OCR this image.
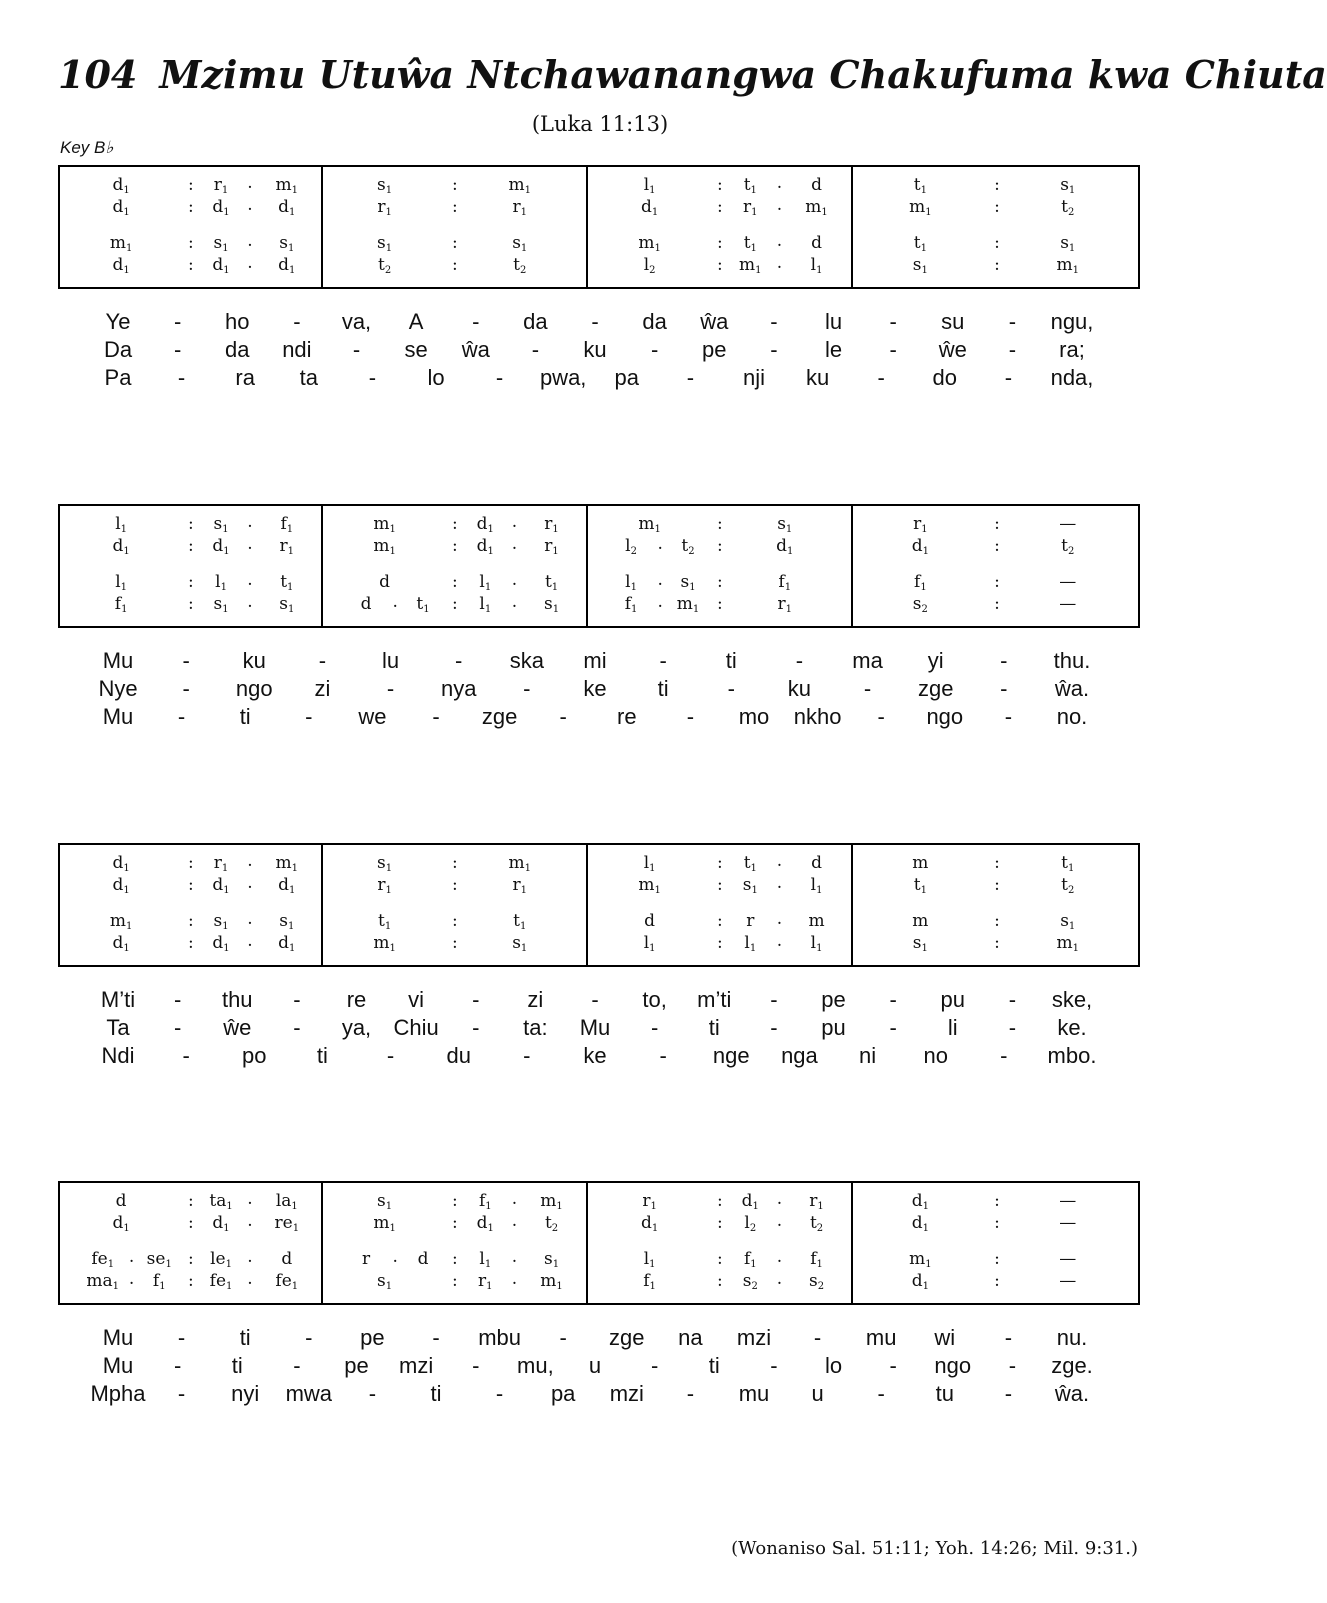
104 Mzimu Utuŵa Ntchawanangwa Chakufuma kwa Chiuta
(Luka 11:13)
Key B♭
$d_1$	: $r_1$ . $m_1$	$s_1$	:	$m_1$	$l_1$	: $t_1$ . d	$t_1$	:	$s_1$
$d_1$	: $d_1$ . $d_1$	$r_1$	:	$r_1$	$d_1$	: $r_1$ . $m_1$	$m_1$	:	$t_2$
$m_1$	: $s_1$ . $s_1$	$s_1$	:	$s_1$	$m_1$	: $t_1$ . d	$t_1$	:	$s_1$
$d_1$	: $d_1$ . $d_1$	$t_2$	:	$t_2$	$l_2$	: $m_1$ . $l_1$	$s_1$	:	$m_1$
Ye - ho - va, A - da - da ŵa - lu - su - ngu,
Da - da ndi - se ŵa - ku - pe - le - ŵe - ra;
Pa - ra ta - lo - pwa, pa - nji ku - do - nda,
$l_1$	: $s_1$ . $f_1$	$m_1$	: $d_1$ . $r_1$	$m_1$	:	$s_1$	$r_1$	:	—
$d_1$	: $d_1$ . $r_1$	$m_1$	: $d_1$ . $r_1$	$l_2$ . $t_2$ :	$d_1$	$d_1$	:	$t_2$
$l_1$	: $l_1$ . $t_1$	d	: $l_1$ . $t_1$	$l_1$ . $s_1$ :	$f_1$	$f_1$	:	—
$f_1$	: $s_1$ . $s_1$	d . $t_1$ : $l_1$ . $s_1$	$f_1$ . $m_1$ :	$r_1$	$s_2$	:	—
Mu - ku -	lu	- ska mi -	ti	- ma yi	- thu.
Nye - ngo zi	- nya - ke ti	- ku - zge - ŵa.
Mu - ti - we - zge - re - mo nkho - ngo - no.
$d_1$	: $r_1$ . $m_1$	$s_1$	:	$m_1$	$l_1$	: $t_1$ . d	m	:	$t_1$
$d_1$	: $d_1$ . $d_1$	$r_1$	:	$r_1$	$m_1$	: $s_1$ . $l_1$	$t_1$	:	$t_2$
$m_1$	: $s_1$ . $s_1$	$t_1$	:	$t_1$	d	: r . m	m	:	$s_1$
$d_1$	: $d_1$ . $d_1$	$m_1$	:	$s_1$	$l_1$	: $l_1$ . $l_1$	$s_1$	:	$m_1$
M’ti - thu - re vi - zi - to, m’ti - pe - pu - ske,
Ta - ŵe - ya, Chiu - ta: Mu - ti - pu - li - ke.
Ndi - po ti	- du - ke - nge nga ni no - mbo.
d	: $ta_1$ . $la_1$	$s_1$	: $f_1$ . $m_1$	$r_1$	: $d_1$ . $r_1$	$d_1$	:	—
$d_1$	: $d_1$ . $re_1$	$m_1$	: $d_1$ . $t_2$	$d_1$	: $l_2$ . $t_2$	$d_1$	:	—
$fe_1$ . $se_1$ : $le_1$ . d	r . d : $l_1$ . $s_1$	$l_1$	: $f_1$ . $f_1$	$m_1$	:	—
$ma_1$ . $f_1$ : $fe_1$ . $fe_1$	$s_1$	: $r_1$ . $m_1$	$f_1$	: $s_2$ . $s_2$	$d_1$	:	—
Mu - ti - pe - mbu - zge na mzi - mu wi - nu.
Mu - ti - pe mzi - mu, u - ti - lo - ngo - zge.
Mpha - nyi mwa - ti - pa mzi - mu u - tu - ŵa.
(Wonaniso Sal. 51:11; Yoh. 14:26; Mil. 9:31.)
